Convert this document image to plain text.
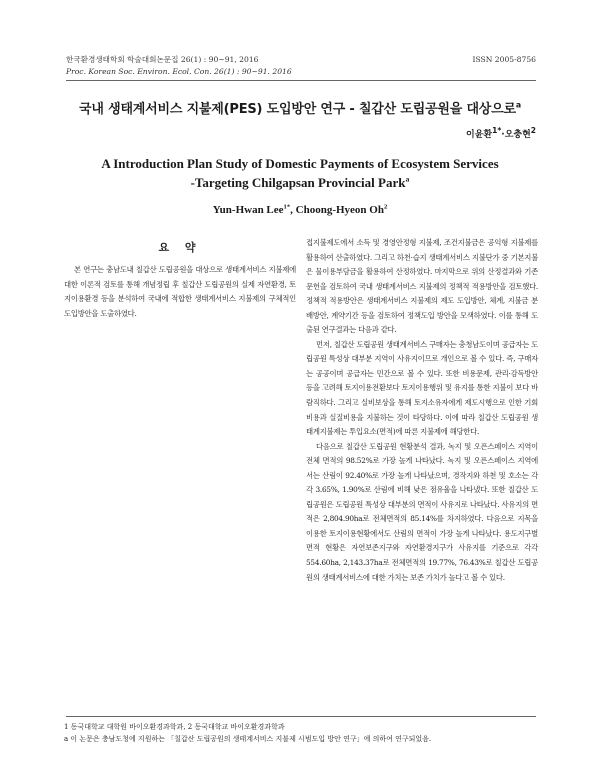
한국환경생태학회 학술대회논문집 26(1) : 90~91, 2016
Proc. Korean Soc. Environ. Ecol. Con. 26(1) : 90~91. 2016
ISSN 2005-8756
국내 생태계서비스 지불제(PES) 도입방안 연구 - 칠갑산 도립공원을 대상으로$^a$
이윤환$^{1*}$·오충현$^2$
A Introduction Plan Study of Domestic Payments of Ecosystem Services
-Targeting Chilgapsan Provincial Park$^a$
Yun-Hwan Lee$^{1*}$, Choong-Hyeon Oh$^2$
요 약

본 연구는 충남도내 칠갑산 도립공원을 대상으로 생태계서비스 지불제에 대한 이론적 검토를 통해 개념정립 후 칠갑산 도립공원의 실제 자연환경, 토지이용환경 등을 분석하여 국내에 적합한 생태계서비스 지불제의 구체적인 도입방안을 도출하였다.

접지불제도에서 소득 및 경영안정형 지불제, 조건지불금은 공익형 지불제를 활용하여 산출하였다. 그리고 하천·습지 생태계서비스 지불단가 중 기본지불은 물이용부담금을 활용하여 산정하였다. 마지막으로 위의 산정결과와 기존문헌을 검토하여 국내 생태계서비스 지불제의 정책적 적용방안을 검토했다. 정책적 적용방안은 생태계서비스 지불제의 제도 도입방안, 체계, 지불금 분배방안, 계약기간 등을 검토하여 정책도입 방안을 모색하였다. 이를 통해 도출된 연구결과는 다음과 같다.

먼저, 칠갑산 도립공원 생태계서비스 구매자는 충청남도이며 공급자는 도립공원 특성상 대부분 지역이 사유지이므로 개인으로 볼 수 있다. 즉, 구매자는 공공이며 공급자는 민간으로 볼 수 있다. 또한 비용문제, 관리·감독방안 등을 고려해 토지이용전환보다 토지이용행위 및 유지를 통한 지불이 보다 바람직하다. 그리고 실비보상을 통해 토지소유자에게 제도시행으로 인한 기회비용과 실질비용을 지불하는 것이 타당하다. 이에 따라 칠갑산 도립공원 생태계지불제는 투입요소(면적)에 따른 지불제에 해당한다.

다음으로 칠갑산 도립공원 현황분석 결과, 녹지 및 오픈스페이스 지역이 전체 면적의 98.52%로 가장 높게 나타났다. 녹지 및 오픈스페이스 지역에서는 산림이 92.40%로 가장 높게 나타났으며, 경작지와 하천 및 호소는 각각 3.65%, 1.90%로 산림에 비해 낮은 점유율을 나타냈다. 또한 칠갑산 도립공원은 도립공원 특성상 대부분의 면적이 사유지로 나타났다. 사유지의 면적은 2,804.90ha로 전체면적의 85.14%를 차지하였다. 다음으로 지목을 이용한 토지이용현황에서도 산림의 면적이 가장 높게 나타났다. 용도지구별 면적 현황은 자연보존지구와 자연환경지구가 사유지를 기준으로 각각 554.60ha, 2,143.37ha로 전체면적의 19.77%, 76.43%로 칠갑산 도립공원의 생태계서비스에 대한 가치는 보존 가치가 높다고 볼 수 있다.

1 동국대학교 대학원 바이오환경과학과, 2 동국대학교 바이오환경과학과
a 이 논문은 충남도청에 지원하는 「칠갑산 도립공원의 생태계서비스 지불제 시범도입 방안 연구」에 의하여 연구되었음.
